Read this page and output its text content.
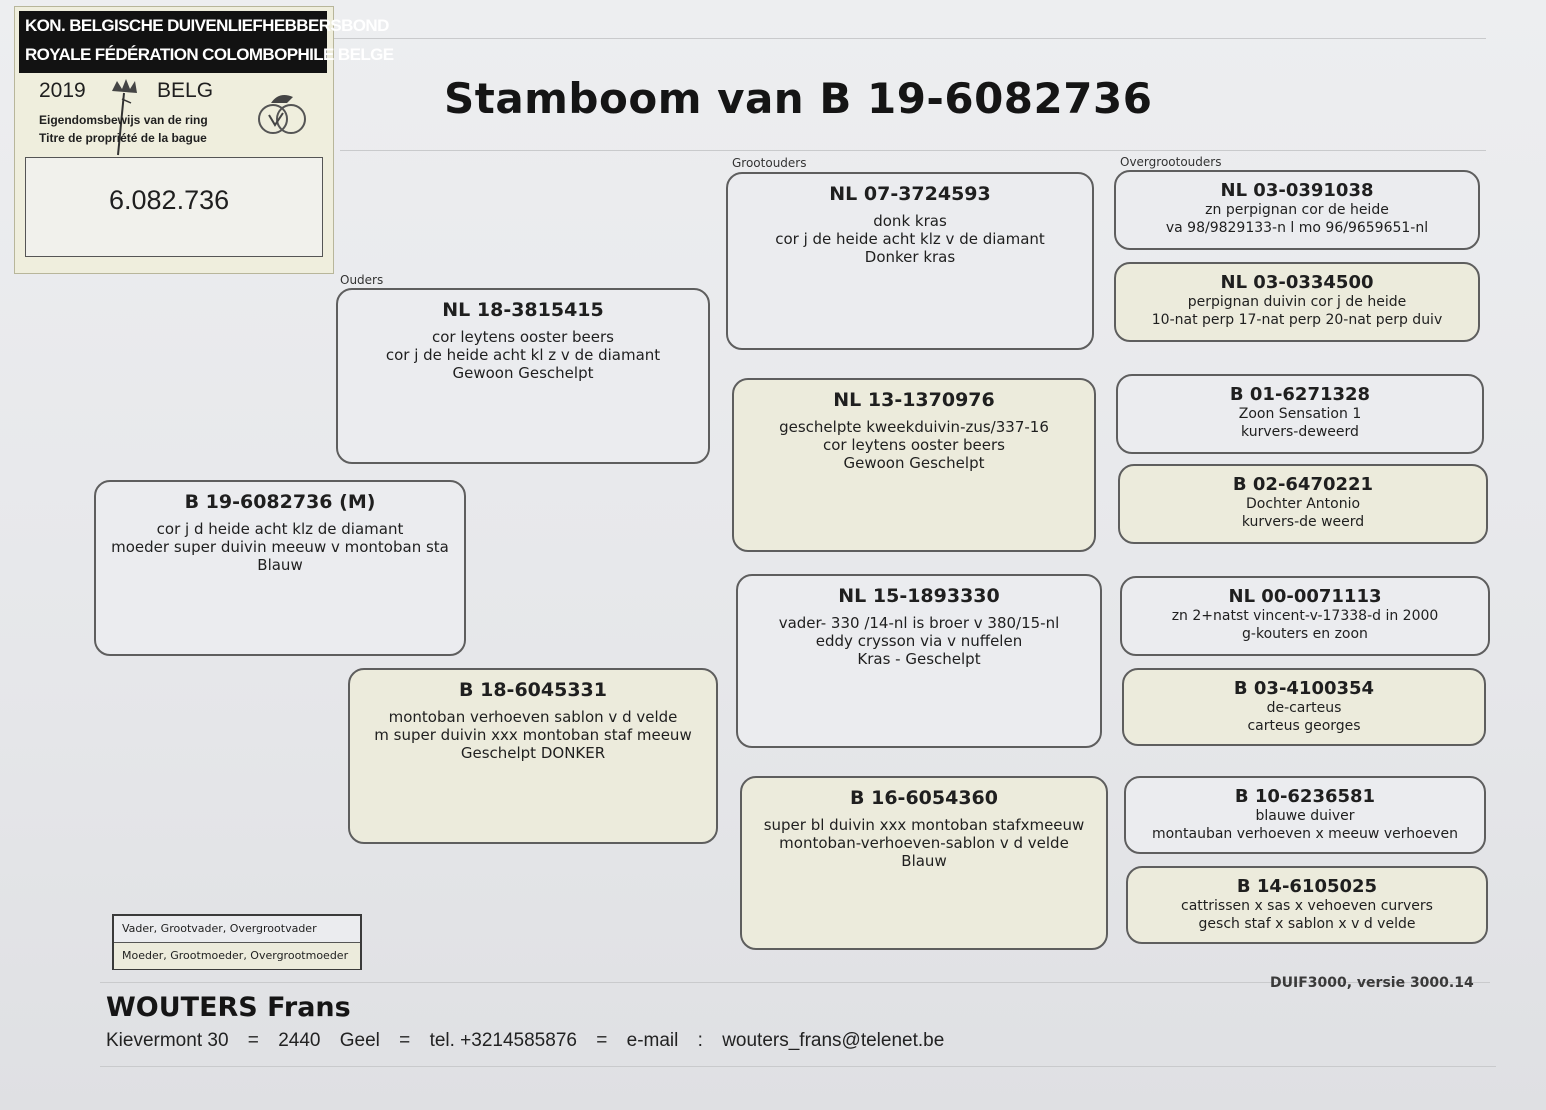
KON. BELGISCHE DUIVENLIEFHEBBERSBOND
ROYALE FÉDÉRATION COLOMBOPHILE BELGE
2019	BELG
Eigendomsbewijs van de ring
Titre de propriété de la bague
6.082.736
Stamboom van B 19-6082736
Ouders
Grootouders	Overgrootouders
B 19-6082736 (M)
cor j d heide acht klz de diamant
moeder super duivin meeuw v montoban sta
Blauw
NL 18-3815415
cor leytens ooster beers
cor j de heide acht kl z v de diamant
Gewoon Geschelpt
B 18-6045331
montoban verhoeven sablon v d velde
m super duivin xxx montoban staf meeuw
Geschelpt DONKER
NL 07-3724593
donk kras
cor j de heide acht klz v de diamant
Donker kras
NL 13-1370976
geschelpte kweekduivin-zus/337-16
cor leytens ooster beers
Gewoon Geschelpt
NL 15-1893330
vader- 330 /14-nl is broer v 380/15-nl
eddy crysson via v nuffelen
Kras - Geschelpt
B 16-6054360
super bl duivin xxx montoban stafxmeeuw
montoban-verhoeven-sablon v d velde
Blauw
NL 03-0391038
zn perpignan cor de heide
va 98/9829133-n l mo 96/9659651-nl
NL 03-0334500
perpignan duivin cor j de heide
10-nat perp 17-nat perp 20-nat perp duiv
B 01-6271328
Zoon Sensation 1
kurvers-deweerd
B 02-6470221
Dochter Antonio
kurvers-de weerd
NL 00-0071113
zn 2+natst vincent-v-17338-d in 2000
g-kouters en zoon
B 03-4100354
de-carteus
carteus georges
B 10-6236581
blauwe duiver
montauban verhoeven x meeuw verhoeven
B 14-6105025
cattrissen x sas x vehoeven curvers
gesch staf x sablon x v d velde
Vader, Grootvader, Overgrootvader
Moeder, Grootmoeder, Overgrootmoeder
DUIF3000, versie 3000.14
WOUTERS Frans
Kievermont 30 = 2440 Geel = tel. +3214585876 = e-mail : wouters_frans@telenet.be
